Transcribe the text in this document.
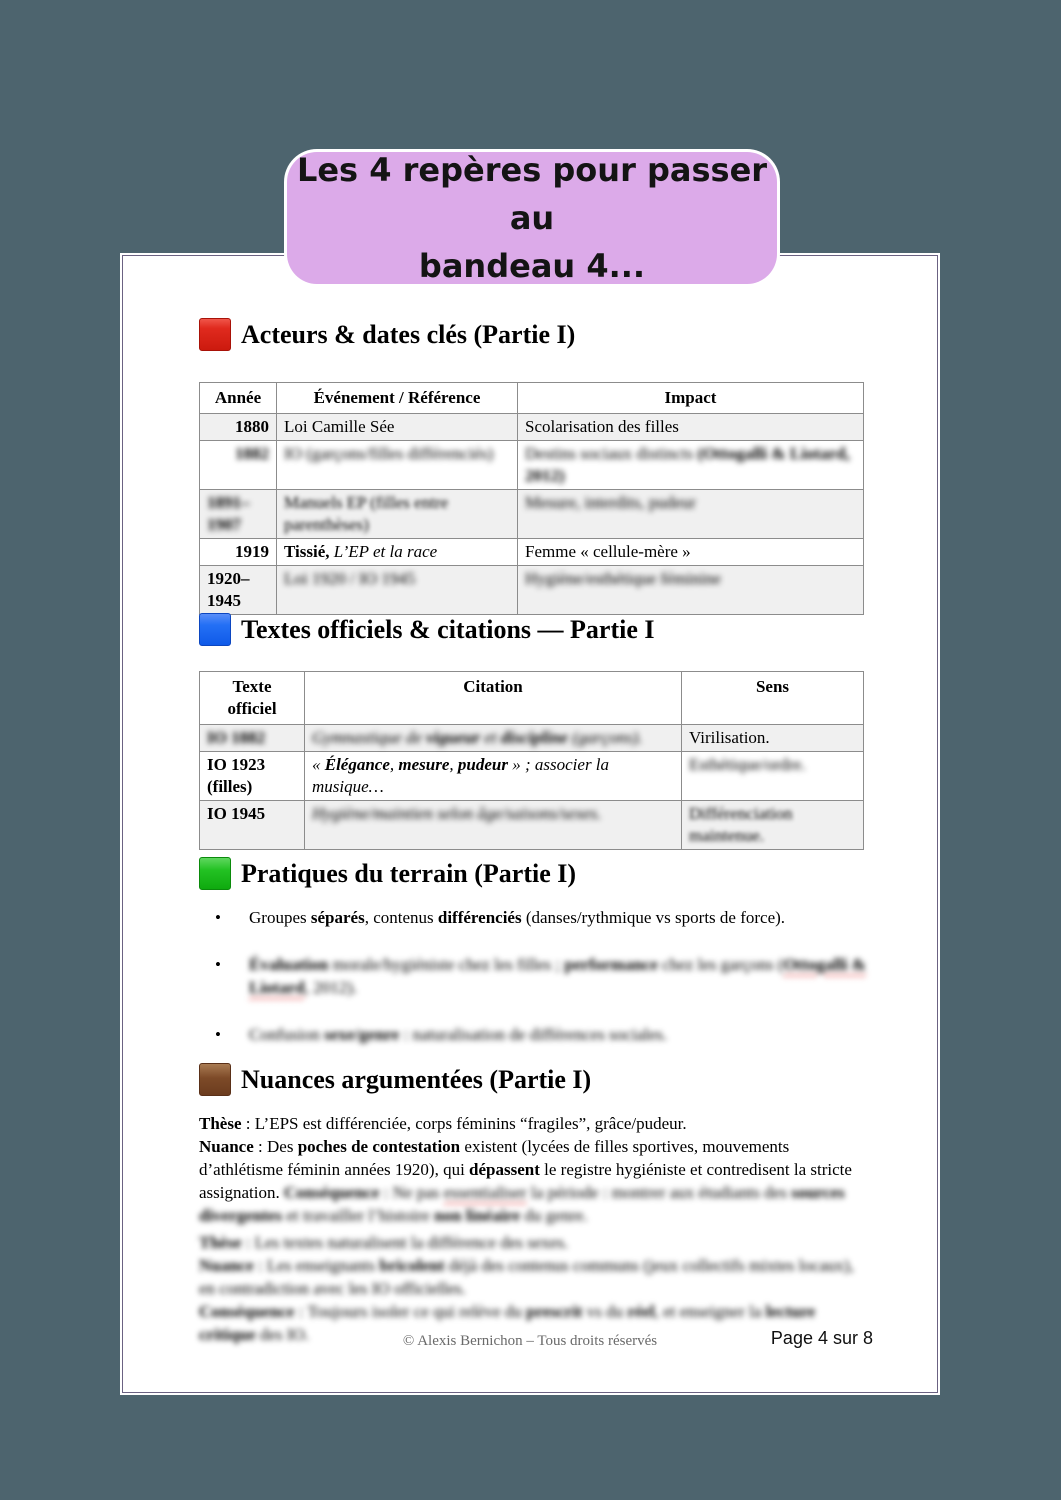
Les 4 repères pour passer au
bandeau 4...
Acteurs & dates clés (Partie I)
Année	Événement / Référence	Impact
1880	Loi Camille Sée	Scolarisation des filles
1882	IO (garçons/filles différenciés)	Destins sociaux distincts (Ottogalli & Liotard, 2012)
1891–1907	Manuels EP (filles entre parenthèses)	Mesure, interdits, pudeur
1919	Tissié, L’EP et la race	Femme « cellule-mère »
1920–1945	Loi 1920 / IO 1945	Hygiène/esthétique féminine
Textes officiels & citations — Partie I
Texte officiel	Citation	Sens
IO 1882	Gymnastique de vigueur et discipline (garçons).	Virilisation.
IO 1923 (filles)	« Élégance, mesure, pudeur » ; associer la musique…	Esthétique/ordre.
IO 1945	Hygiène/maintien selon âge/saisons/sexes.	Différenciation maintenue.
Pratiques du terrain (Partie I)
• Groupes séparés, contenus différenciés (danses/rythmique vs sports de force).
• Évaluation morale/hygiéniste chez les filles ; performance chez les garçons (Ottogalli & Liotard, 2012).
• Confusion sexe/genre : naturalisation de différences sociales.
Nuances argumentées (Partie I)
Thèse : L’EPS est différenciée, corps féminins “fragiles”, grâce/pudeur.
Nuance : Des poches de contestation existent (lycées de filles sportives, mouvements d’athlétisme féminin années 1920), qui dépassent le registre hygiéniste et contredisent la stricte assignation. Conséquence : Ne pas essentialiser la période : montrer aux étudiants des sources divergentes et travailler l’histoire non linéaire du genre.
Thèse : Les textes naturalisent la différence des sexes.
Nuance : Les enseignants bricolent déjà des contenus communs (jeux collectifs mixtes locaux), en contradiction avec les IO officielles.
Conséquence : Toujours isoler ce qui relève du prescrit vs du réel, et enseigner la lecture critique des IO.	© Alexis Bernichon – Tous droits réservés	Page 4 sur 8
